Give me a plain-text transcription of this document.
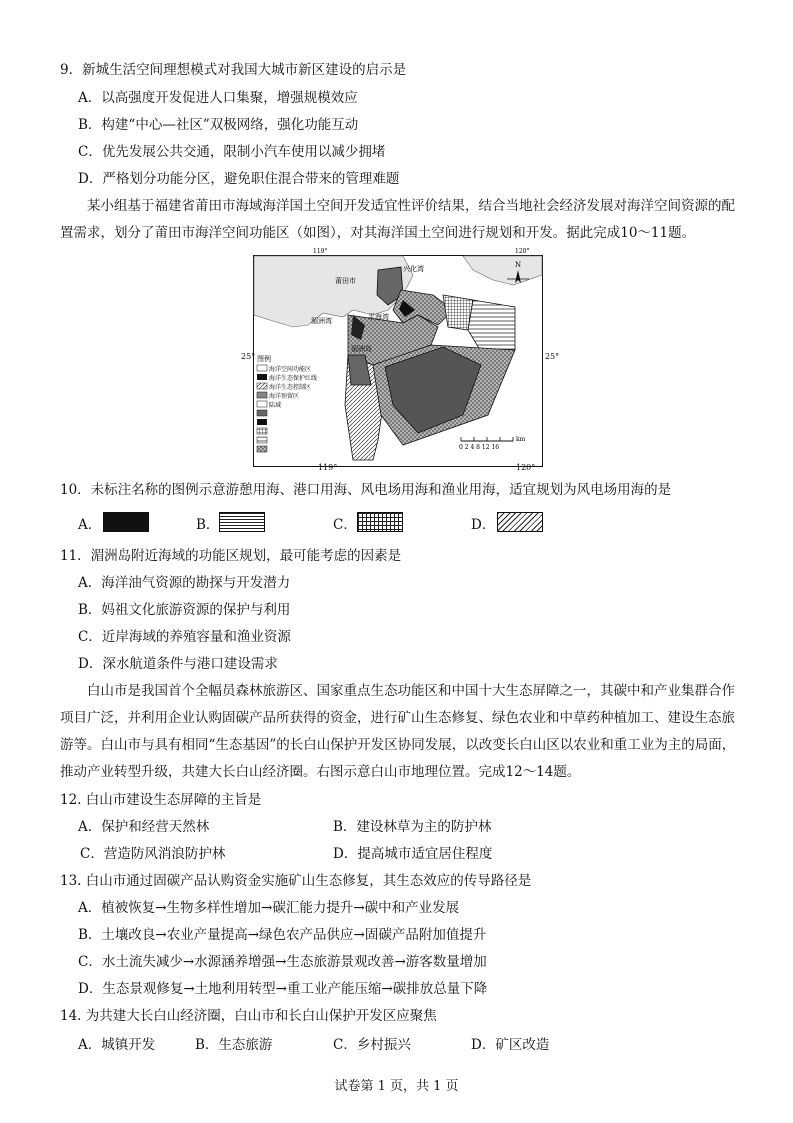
9．新城生活空间理想模式对我国大城市新区建设的启示是
A．以高强度开发促进人口集聚，增强规模效应
B．构建“中心—社区”双极网络，强化功能互动
C．优先发展公共交通，限制小汽车使用以减少拥堵
D．严格划分功能分区，避免职住混合带来的管理难题
某小组基于福建省莆田市海域海洋国土空间开发适宜性评价结果，结合当地社会经济发展对海洋空间资源的配置需求，划分了莆田市海洋空间功能区（如图），对其海洋国土空间进行规划和开发。据此完成10～11题。
119°	120°
莆田市
兴化湾
湄洲湾	平海湾
湄洲岛
N
图例
海洋空间功能区
海洋生态保护红线
海洋生态控制区
海洋预留区
陆域
0 2 4 8 12 16
km
25°	25°
119°	120°
10．未标注名称的图例示意游憩用海、港口用海、风电场用海和渔业用海，适宜规划为风电场用海的是
A．	B．	C．	D．
11．湄洲岛附近海域的功能区规划，最可能考虑的因素是
A．海洋油气资源的勘探与开发潜力
B．妈祖文化旅游资源的保护与利用
C．近岸海域的养殖容量和渔业资源
D．深水航道条件与港口建设需求
白山市是我国首个全幅员森林旅游区、国家重点生态功能区和中国十大生态屏障之一，其碳中和产业集群合作项目广泛，并利用企业认购固碳产品所获得的资金，进行矿山生态修复、绿色农业和中草药种植加工、建设生态旅游等。白山市与具有相同“生态基因”的长白山保护开发区协同发展，以改变长白山区以农业和重工业为主的局面，推动产业转型升级，共建大长白山经济圈。右图示意白山市地理位置。完成12～14题。
12. 白山市建设生态屏障的主旨是
A．保护和经营天然林	B．建设林草为主的防护林
C．营造防风消浪防护林	D．提高城市适宜居住程度
13. 白山市通过固碳产品认购资金实施矿山生态修复，其生态效应的传导路径是
A．植被恢复→生物多样性增加→碳汇能力提升→碳中和产业发展
B．土壤改良→农业产量提高→绿色农产品供应→固碳产品附加值提升
C．水土流失减少→水源涵养增强→生态旅游景观改善→游客数量增加
D．生态景观修复→土地利用转型→重工业产能压缩→碳排放总量下降
14. 为共建大长白山经济圈，白山市和长白山保护开发区应聚焦
A．城镇开发	B．生态旅游	C．乡村振兴	D．矿区改造
试卷第 1 页，共 1 页
